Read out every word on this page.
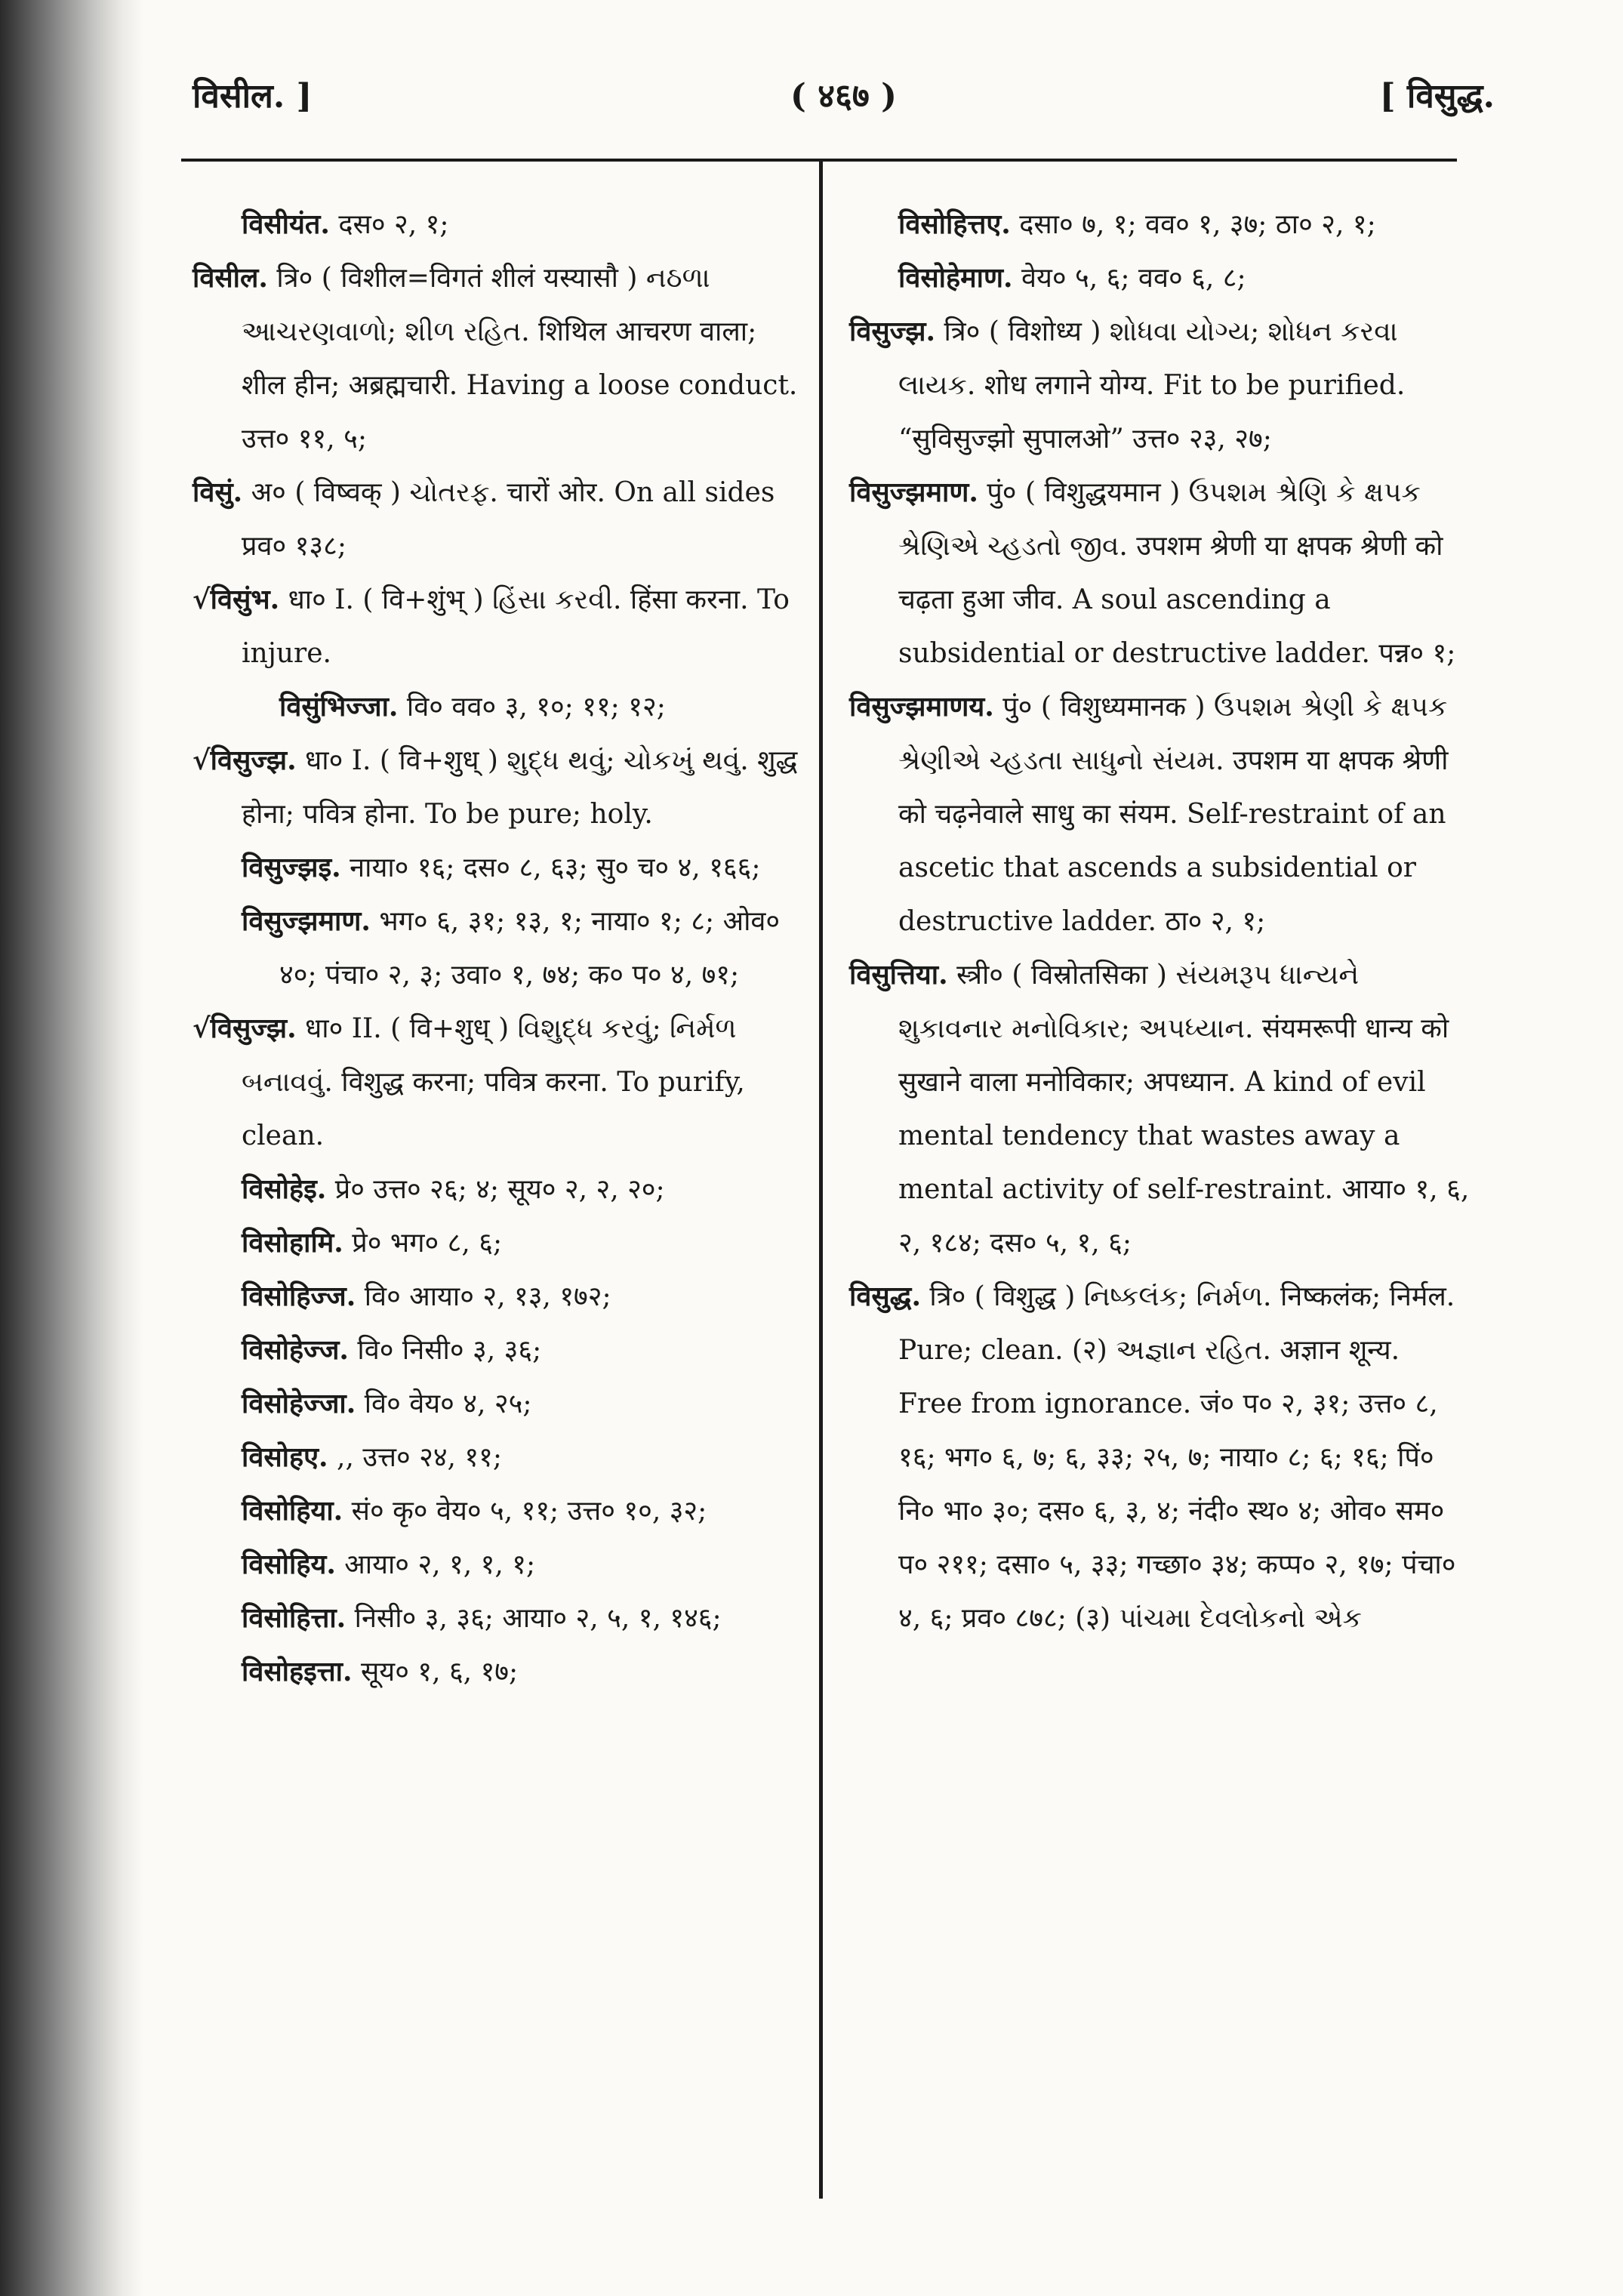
विसील. ]	( ४६७ )	[ विसुद्ध.

विसीयंत. दस० २, १;

विसील. त्रि० ( विशील=विगतं शीलं यस्यासौ ) નઠળા આચરણવાળો; શીળ રહિત. शिथिल आचरण वाला; शील हीन; अब्रह्मचारी. Having a loose conduct. उत्त० ११, ५;

विसुं. अ० ( विष्वक् ) ચોતરફ. चारों ओर. On all sides प्रव० १३८;

√विसुंभ. धा० I. ( वि+शुंभ् ) હિંસા કરવી. हिंसा करना. To injure.

विसुंभिज्जा. वि० वव० ३, १०; ११; १२;

√विसुज्झ. धा० I. ( वि+शुध् ) શુદ્ધ થવું; ચોકખું થવું. शुद्ध होना; पवित्र होना. To be pure; holy.

विसुज्झइ. नाया० १६; दस० ८, ६३; सु० च० ४, १६६;

विसुज्झमाण. भग० ६, ३१; १३, १; नाया० १; ८; ओव० ४०; पंचा० २, ३; उवा० १, ७४; क० प० ४, ७१;

√विसुज्झ. धा० II. ( वि+शुध् ) વિશુદ્ધ કરવું; નિર્મળ બનાવવું. विशुद्ध करना; पवित्र करना. To purify, clean.

विसोहेइ. प्रे० उत्त० २६; ४; सूय० २, २, २०;

विसोहामि. प्रे० भग० ८, ६;

विसोहिज्ज. वि० आया० २, १३, १७२;

विसोहेज्ज. वि० निसी० ३, ३६;

विसोहेज्जा. वि० वेय० ४, २५;

विसोहए. ,, उत्त० २४, ११;

विसोहिया. सं० कृ० वेय० ५, ११; उत्त० १०, ३२;

विसोहिय. आया० २, १, १, १;

विसोहित्ता. निसी० ३, ३६; आया० २, ५, १, १४६;

विसोहइत्ता. सूय० १, ६, १७;

विसोहित्तए. दसा० ७, १; वव० १, ३७; ठा० २, १;

विसोहेमाण. वेय० ५, ६; वव० ६, ८;

विसुज्झ. त्रि० ( विशोध्य ) શોધવા યોગ્ય; શોધન કરવા લાયક. शोध लगाने योग्य. Fit to be purified. “सुविसुज्झो सुपालओ” उत्त० २३, २७;

विसुज्झमाण. पुं० ( विशुद्धयमान ) ઉપશમ શ્રેણિ કે ક્ષપક શ્રેણિએ ચ્હડતો જીવ. उपशम श्रेणी या क्षपक श्रेणी को चढ़ता हुआ जीव. A soul ascending a subsidential or destructive ladder. पन्न० १;

विसुज्झमाणय. पुं० ( विशुध्यमानक ) ઉપશમ શ્રેણી કે ક્ષપક શ્રેણીએ ચ્હડતા સાધુનો સંયમ. उपशम या क्षपक श्रेणी को चढ़नेवाले साधु का संयम. Self-restraint of an ascetic that ascends a subsidential or destructive ladder. ठा० २, १;

विसुत्तिया. स्त्री० ( विस्रोतसिका ) સંયમરૂપ ધાન્યને શુકાવનાર મનોવિકાર; અપધ્યાન. संयमरूपी धान्य को सुखाने वाला मनोविकार; अपध्यान. A kind of evil mental tendency that wastes away a mental activity of self-restraint. आया० १, ६, २, १८४; दस० ५, १, ६;

विसुद्ध. त्रि० ( विशुद्ध ) નિષ્કલંક; નિર્મળ. निष्कलंक; निर्मल. Pure; clean. (२) અજ્ઞાન રહિત. अज्ञान शून्य. Free from ignorance. जं० प० २, ३१; उत्त० ८, १६; भग० ६, ७; ६, ३३; २५, ७; नाया० ८; ६; १६; पिं० नि० भा० ३०; दस० ६, ३, ४; नंदी० स्थ० ४; ओव० सम० प० २११; दसा० ५, ३३; गच्छा० ३४; कप्प० २, १७; पंचा० ४, ६; प्रव० ८७८; (३) પાંચમા દેવલોકનો એક
